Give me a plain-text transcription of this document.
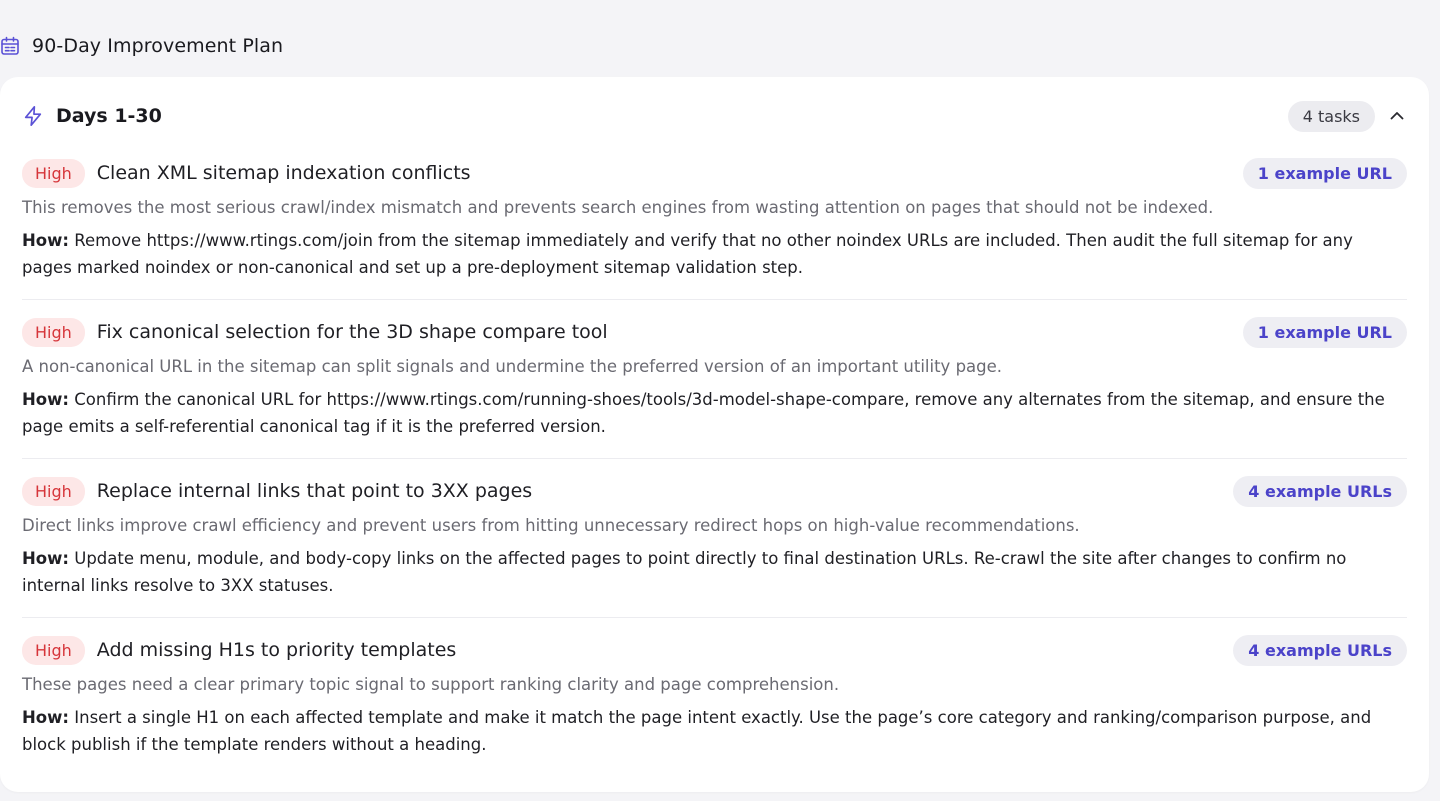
90-Day Improvement Plan
Days 1-30	4 tasks
High	Clean XML sitemap indexation conflicts	1 example URL
This removes the most serious crawl/index mismatch and prevents search engines from wasting attention on pages that should not be indexed.
How: Remove https://www.rtings.com/join from the sitemap immediately and verify that no other noindex URLs are included. Then audit the full sitemap for any pages marked noindex or non-canonical and set up a pre-deployment sitemap validation step.
High	Fix canonical selection for the 3D shape compare tool	1 example URL
A non-canonical URL in the sitemap can split signals and undermine the preferred version of an important utility page.
How: Confirm the canonical URL for https://www.rtings.com/running-shoes/tools/3d-model-shape-compare, remove any alternates from the sitemap, and ensure the page emits a self-referential canonical tag if it is the preferred version.
High	Replace internal links that point to 3XX pages	4 example URLs
Direct links improve crawl efficiency and prevent users from hitting unnecessary redirect hops on high-value recommendations.
How: Update menu, module, and body-copy links on the affected pages to point directly to final destination URLs. Re-crawl the site after changes to confirm no internal links resolve to 3XX statuses.
High	Add missing H1s to priority templates	4 example URLs
These pages need a clear primary topic signal to support ranking clarity and page comprehension.
How: Insert a single H1 on each affected template and make it match the page intent exactly. Use the page’s core category and ranking/comparison purpose, and block publish if the template renders without a heading.
